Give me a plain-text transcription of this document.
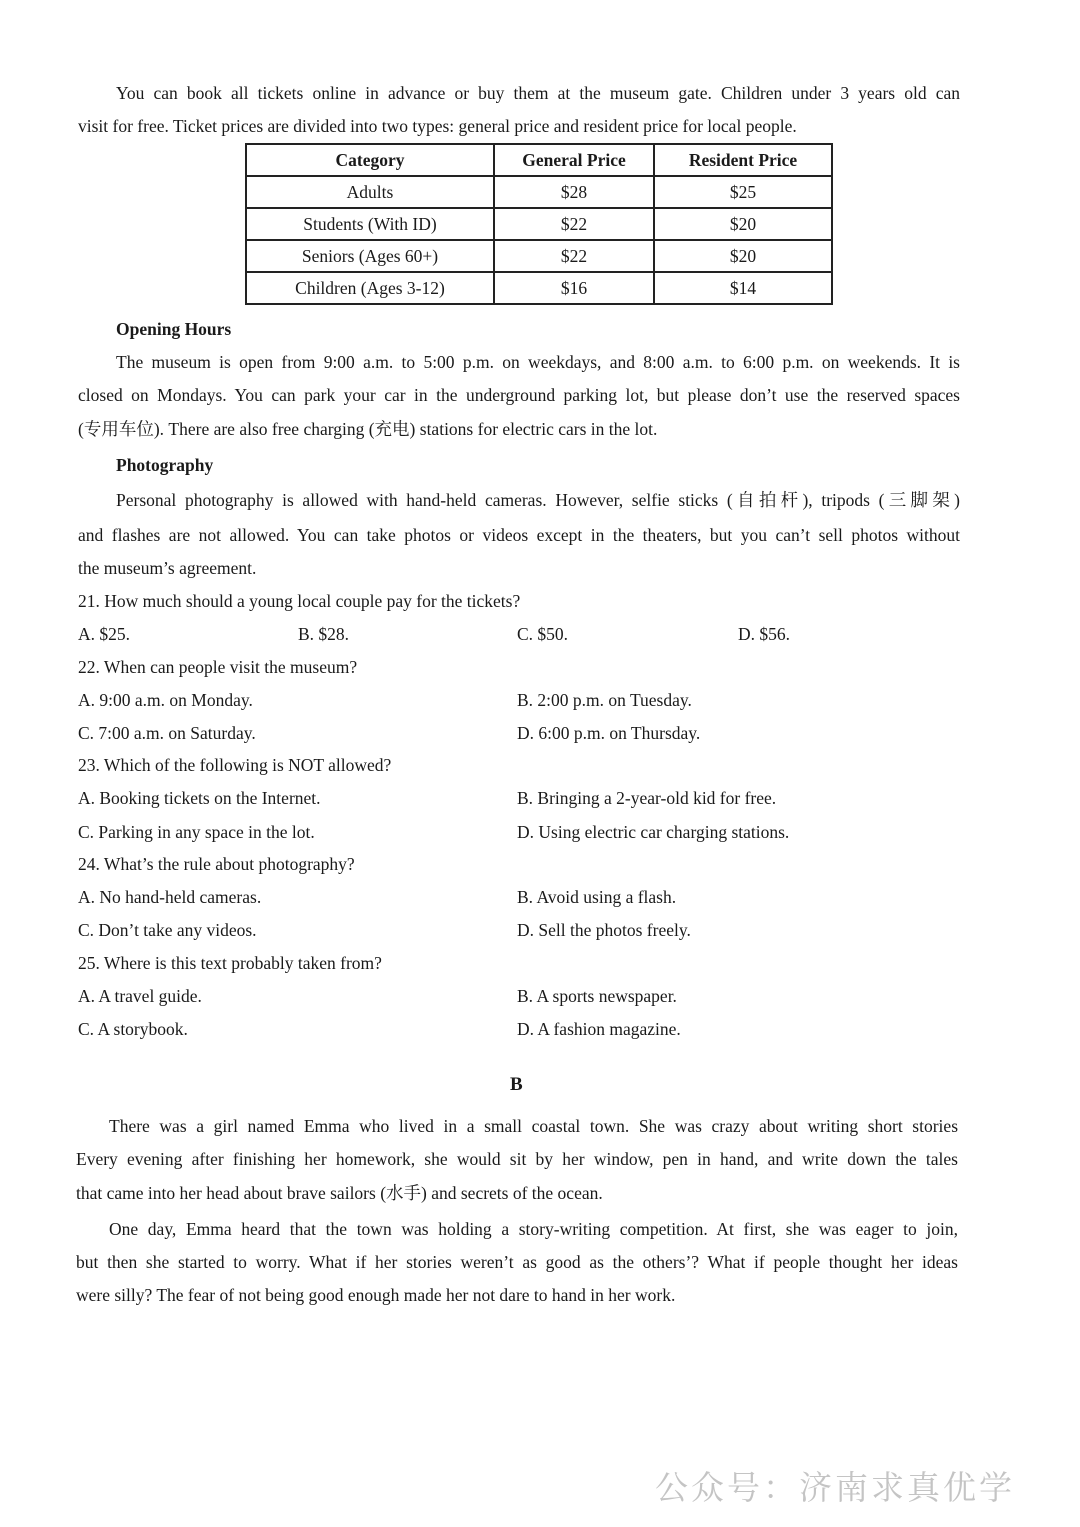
You can book all tickets online in advance or buy them at the museum gate. Children under 3 years old can
visit for free. Ticket prices are divided into two types: general price and resident price for local people.
Category	General Price	Resident Price
Adults	$28	$25
Students (With ID)	$22	$20
Seniors (Ages 60+)	$22	$20
Children (Ages 3-12)	$16	$14
Opening Hours
The museum is open from 9:00 a.m. to 5:00 p.m. on weekdays, and 8:00 a.m. to 6:00 p.m. on weekends. It is
closed on Mondays. You can park your car in the underground parking lot, but please don’t use the reserved spaces
(专用车位). There are also free charging (充电) stations for electric cars in the lot.
Photography
Personal photography is allowed with hand-held cameras. However, selfie sticks (自拍杆), tripods (三脚架)
and flashes are not allowed. You can take photos or videos except in the theaters, but you can’t sell photos without
the museum’s agreement.
21. How much should a young local couple pay for the tickets?
A. $25.	B. $28.	C. $50.	D. $56.
22. When can people visit the museum?
A. 9:00 a.m. on Monday.	B. 2:00 p.m. on Tuesday.
C. 7:00 a.m. on Saturday.	D. 6:00 p.m. on Thursday.
23. Which of the following is NOT allowed?
A. Booking tickets on the Internet.	B. Bringing a 2-year-old kid for free.
C. Parking in any space in the lot.	D. Using electric car charging stations.
24. What’s the rule about photography?
A. No hand-held cameras.	B. Avoid using a flash.
C. Don’t take any videos.	D. Sell the photos freely.
25. Where is this text probably taken from?
A. A travel guide.	B. A sports newspaper.
C. A storybook.	D. A fashion magazine.
B
There was a girl named Emma who lived in a small coastal town. She was crazy about writing short stories
Every evening after finishing her homework, she would sit by her window, pen in hand, and write down the tales
that came into her head about brave sailors (水手) and secrets of the ocean.
One day, Emma heard that the town was holding a story-writing competition. At first, she was eager to join,
but then she started to worry. What if her stories weren’t as good as the others’? What if people thought her ideas
were silly? The fear of not being good enough made her not dare to hand in her work.
公众号：济南求真优学
